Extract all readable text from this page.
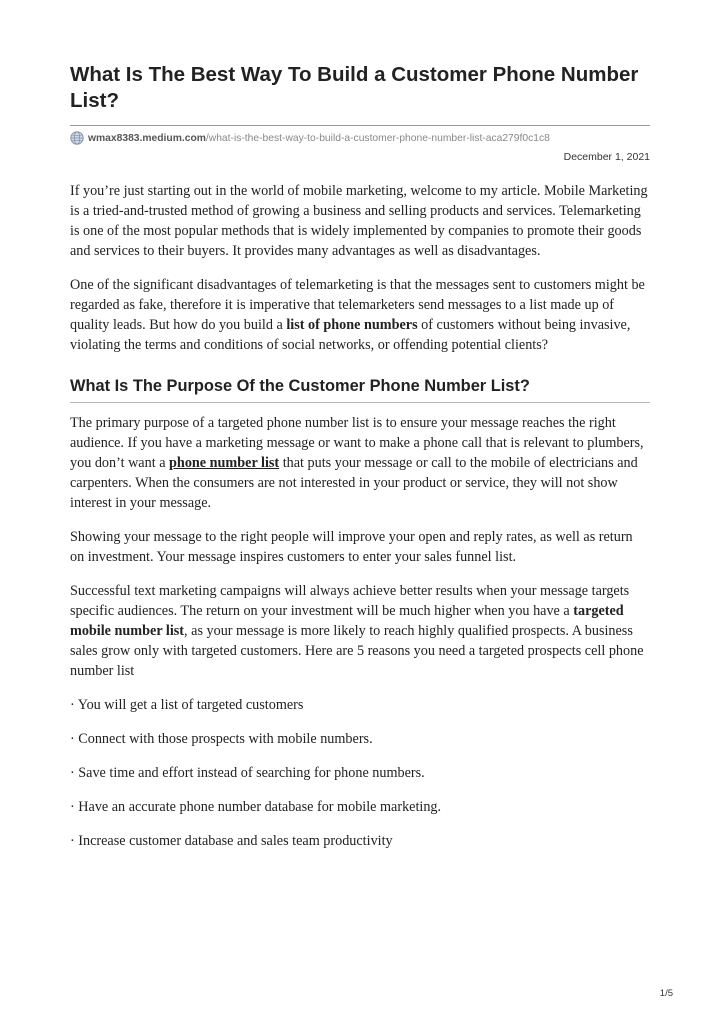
What Is The Best Way To Build a Customer Phone Number List?
wmax8383.medium.com /what-is-the-best-way-to-build-a-customer-phone-number-list-aca279f0c1c8
December 1, 2021

If you’re just starting out in the world of mobile marketing, welcome to my article. Mobile Marketing is a tried-and-trusted method of growing a business and selling products and services. Telemarketing is one of the most popular methods that is widely implemented by companies to promote their goods and services to their buyers. It provides many advantages as well as disadvantages.

One of the significant disadvantages of telemarketing is that the messages sent to customers might be regarded as fake, therefore it is imperative that telemarketers send messages to a list made up of quality leads. But how do you build a list of phone numbers of customers without being invasive, violating the terms and conditions of social networks, or offending potential clients?

What Is The Purpose Of the Customer Phone Number List?

The primary purpose of a targeted phone number list is to ensure your message reaches the right audience. If you have a marketing message or want to make a phone call that is relevant to plumbers, you don’t want a phone number list that puts your message or call to the mobile of electricians and carpenters. When the consumers are not interested in your product or service, they will not show interest in your message.

Showing your message to the right people will improve your open and reply rates, as well as return on investment. Your message inspires customers to enter your sales funnel list.

Successful text marketing campaigns will always achieve better results when your message targets specific audiences. The return on your investment will be much higher when you have a targeted mobile number list, as your message is more likely to reach highly qualified prospects. A business sales grow only with targeted customers. Here are 5 reasons you need a targeted prospects cell phone number list

· You will get a list of targeted customers

· Connect with those prospects with mobile numbers.

· Save time and effort instead of searching for phone numbers.

· Have an accurate phone number database for mobile marketing.

· Increase customer database and sales team productivity

1/5
